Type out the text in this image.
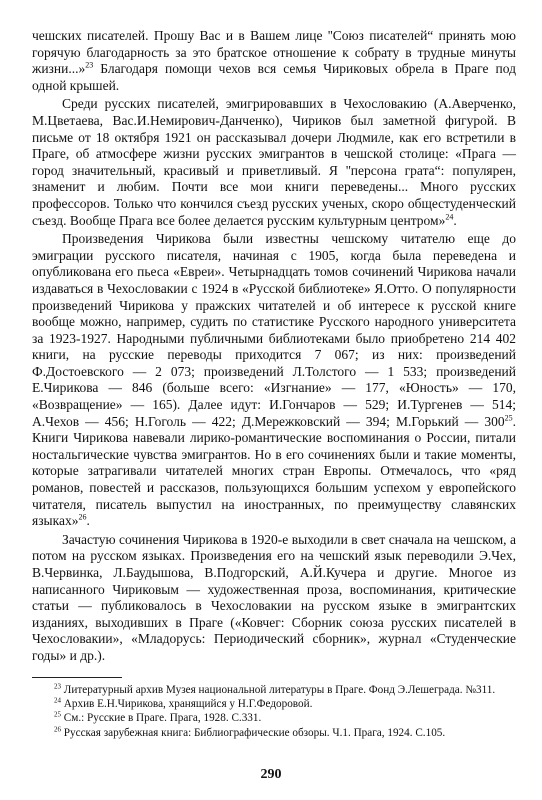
чешских писателей. Прошу Вас и в Вашем лице ''Союз писателей“ принять мою горячую благодарность за это братское отношение к собрату в трудные минуты жизни...»$^{23}$ Благодаря помощи чехов вся семья Чириковых обрела в Праге под одной крышей.

Среди русских писателей, эмигрировавших в Чехословакию (А.Аверченко, М.Цветаева, Вас.И.Немирович-Данченко), Чириков был заметной фигурой. В письме от 18 октября 1921 он рассказывал дочери Людмиле, как его встретили в Праге, об атмосфере жизни русских эмигрантов в чешской столице: «Прага — город значительный, красивый и приветливый. Я ''персона грата“: популярен, знаменит и любим. Почти все мои книги переведены... Много русских профессоров. Только что кончился съезд русских ученых, скоро общестуденческий съезд. Вообще Прага все более делается русским культурным центром»$^{24}$.

Произведения Чирикова были известны чешскому читателю еще до эмиграции русского писателя, начиная с 1905, когда была переведена и опубликована его пьеса «Евреи». Четырнадцать томов сочинений Чирикова начали издаваться в Чехословакии с 1924 в «Русской библиотеке» Я.Отто. О популярности произведений Чирикова у пражских читателей и об интересе к русской книге вообще можно, например, судить по статистике Русского народного университета за 1923-1927. Народными публичными библиотеками было приобретено 214 402 книги, на русские переводы приходится 7 067; из них: произведений Ф.Достоевского — 2 073; произведений Л.Толстого — 1 533; произведений Е.Чирикова — 846 (больше всего: «Изгнание» — 177, «Юность» — 170, «Возвращение» — 165). Далее идут: И.Гончаров — 529; И.Тургенев — 514; А.Чехов — 456; Н.Гоголь — 422; Д.Мережковский — 394; М.Горький — $300^{25}$. Книги Чирикова навевали лирико-романтические воспоминания о России, питали ностальгические чувства эмигрантов. Но в его сочинениях были и такие моменты, которые затрагивали читателей многих стран Европы. Отмечалось, что «ряд романов, повестей и рассказов, пользующихся большим успехом у европейского читателя, писатель выпустил на иностранных, по преимуществу славянских языках»$^{26}$.

Зачастую сочинения Чирикова в 1920-е выходили в свет сначала на чешском, а потом на русском языках. Произведения его на чешский язык переводили Э.Чех, В.Червинка, Л.Баудышова, В.Подгорский, А.Й.Кучера и другие. Многое из написанного Чириковым — художественная проза, воспоминания, критические статьи — публиковалось в Чехословакии на русском языке в эмигрантских изданиях, выходивших в Праге («Ковчег: Сборник союза русских писателей в Чехословакии», «Младорусь: Периодический сборник», журнал «Студенческие годы» и др.).

$^{23}$ Литературный архив Музея национальной литературы в Праге. Фонд Э.Лешеграда. №311.

$^{24}$ Архив Е.Н.Чирикова, хранящийся у Н.Г.Федоровой.

$^{25}$ См.: Русские в Праге. Прага, 1928. С.331.

$^{26}$ Русская зарубежная книга: Библиографические обзоры. Ч.1. Прага, 1924. С.105.

290
